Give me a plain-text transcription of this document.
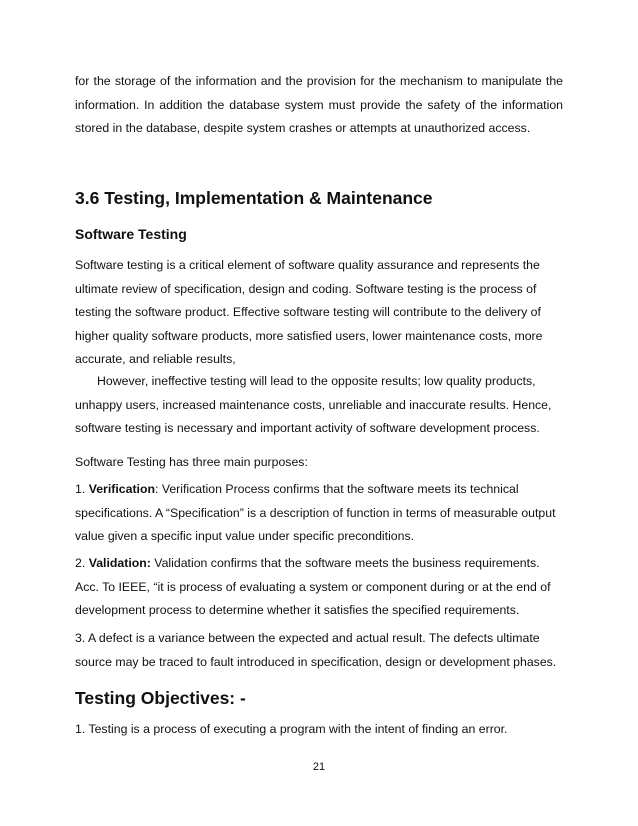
for the storage of the information and the provision for the mechanism to manipulate the information. In addition the database system must provide the safety of the information stored in the database, despite system crashes or attempts at unauthorized access.

3.6 Testing, Implementation & Maintenance
Software Testing

Software testing is a critical element of software quality assurance and represents the ultimate review of specification, design and coding. Software testing is the process of testing the software product. Effective software testing will contribute to the delivery of higher quality software products, more satisfied users, lower maintenance costs, more accurate, and reliable results,

However, ineffective testing will lead to the opposite results; low quality products, unhappy users, increased maintenance costs, unreliable and inaccurate results. Hence, software testing is necessary and important activity of software development process.

Software Testing has three main purposes:

1. Verification: Verification Process confirms that the software meets its technical specifications. A “Specification” is a description of function in terms of measurable output value given a specific input value under specific preconditions.

2. Validation: Validation confirms that the software meets the business requirements. Acc. To IEEE, “it is process of evaluating a system or component during or at the end of development process to determine whether it satisfies the specified requirements.

3. A defect is a variance between the expected and actual result. The defects ultimate source may be traced to fault introduced in specification, design or development phases.

Testing Objectives: -

1. Testing is a process of executing a program with the intent of finding an error.

21
